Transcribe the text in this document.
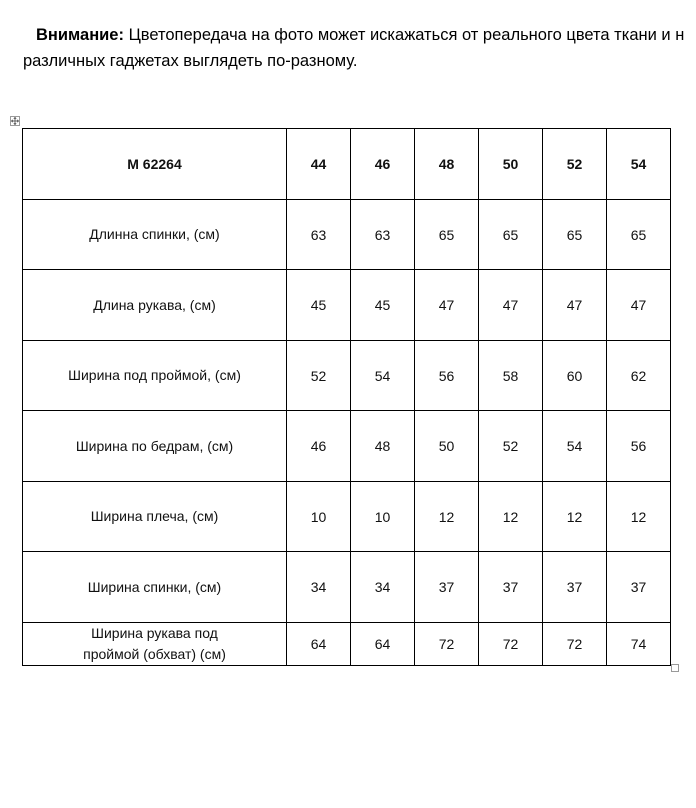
Внимание: Цветопередача на фото может искажаться от реального цвета ткани и н
различных гаджетах выглядеть по-разному.
M 62264	44	46	48	50	52	54
Длинна спинки, (см)	63	63	65	65	65	65
Длина рукава, (см)	45	45	47	47	47	47
Ширина под проймой, (см)	52	54	56	58	60	62
Ширина по бедрам, (см)	46	48	50	52	54	56
Ширина плеча, (см)	10	10	12	12	12	12
Ширина спинки, (см)	34	34	37	37	37	37
Ширина рукава под
проймой (обхват) (см)	64	64	72	72	72	74
